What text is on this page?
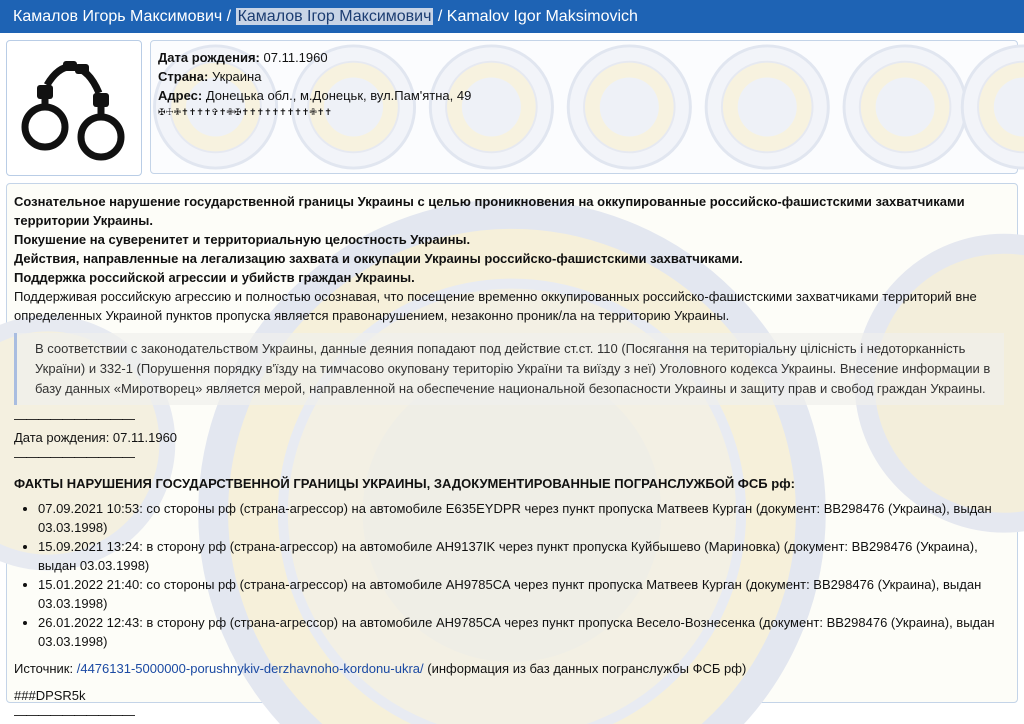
Камалов Игорь Максимович / Камалов Ігор Максимович / Kamalov Igor Maksimovich
Дата рождения: 07.11.1960
Страна: Украина
Адрес: Донецька обл., м.Донецьк, вул.Пам'ятна, 49
✠☩✙✝✝✝✝✞✝✙✠✝✝✝✝✝✝✝✝✝✙✝✝
Сознательное нарушение государственной границы Украины с целью проникновения на оккупированные российско-фашистскими захватчиками территории Украины.
Покушение на суверенитет и территориальную целостность Украины.
Действия, направленные на легализацию захвата и оккупации Украины российско-фашистскими захватчиками.
Поддержка российской агрессии и убийств граждан Украины.
Поддерживая российскую агрессию и полностью осознавая, что посещение временно оккупированных российско-фашистскими захватчиками территорий вне определенных Украиной пунктов пропуска является правонарушением, незаконно проник/ла на территорию Украины.
В соответствии с законодательством Украины, данные деяния попадают под действие ст.ст. 110 (Посягання на територіальну цілісність і недоторканність України) и 332-1 (Порушення порядку в'їзду на тимчасово окуповану територію України та виїзду з неї) Уголовного кодекса Украины. Внесение информации в базу данных «Миротворец» является мерой, направленной на обеспечение национальной безопасности Украины и защиту прав и свобод граждан Украины.
——————————
Дата рождения: 07.11.1960
——————————
ФАКТЫ НАРУШЕНИЯ ГОСУДАРСТВЕННОЙ ГРАНИЦЫ УКРАИНЫ, ЗАДОКУМЕНТИРОВАННЫЕ ПОГРАНСЛУЖБОЙ ФСБ рф:
• 07.09.2021 10:53: со стороны рф (страна-агрессор) на автомобиле Е635ЕYDPR через пункт пропуска Матвеев Курган (документ: ВВ298476 (Украина), выдан 03.03.1998)
• 15.09.2021 13:24: в сторону рф (страна-агрессор) на автомобиле АН9137IK через пункт пропуска Куйбышево (Мариновка) (документ: ВВ298476 (Украина), выдан 03.03.1998)
• 15.01.2022 21:40: со стороны рф (страна-агрессор) на автомобиле АН9785СА через пункт пропуска Матвеев Курган (документ: ВВ298476 (Украина), выдан 03.03.1998)
• 26.01.2022 12:43: в сторону рф (страна-агрессор) на автомобиле АН9785СА через пункт пропуска Весело-Вознесенка (документ: ВВ298476 (Украина), выдан 03.03.1998)
Источник: /4476131-5000000-porushnykiv-derzhavnoho-kordonu-ukra/ (информация из баз данных погранслужбы ФСБ рф)
###DPSR5k
——————————
